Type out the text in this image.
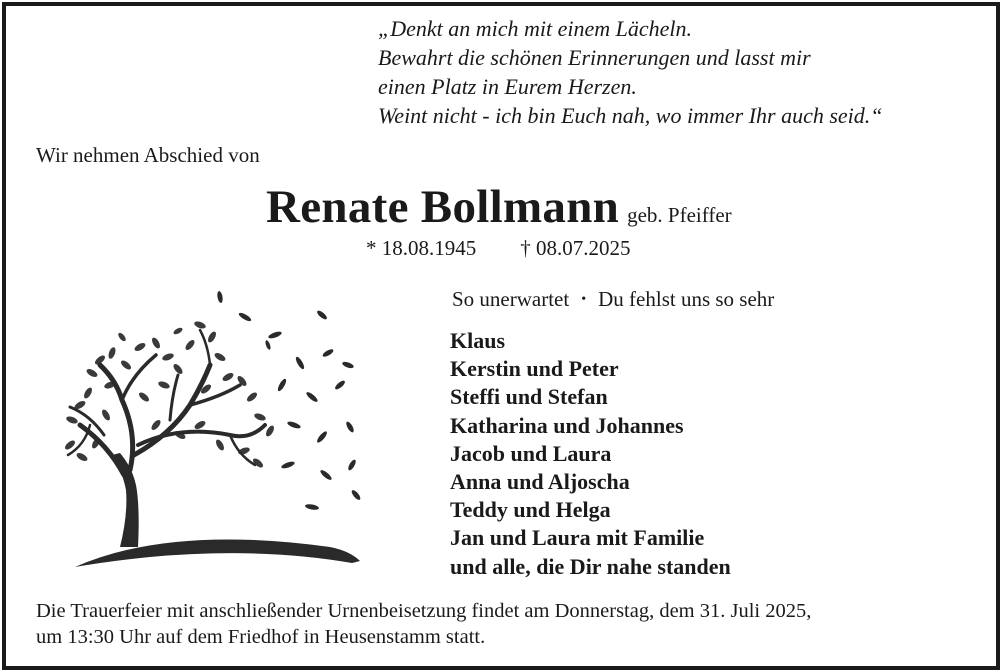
„Denkt an mich mit einem Lächeln.
Bewahrt die schönen Erinnerungen und lasst mir
einen Platz in Eurem Herzen.
Weint nicht - ich bin Euch nah, wo immer Ihr auch seid.“
Wir nehmen Abschied von
Renate Bollmann geb. Pfeiffer
* 18.08.1945 † 08.07.2025
So unerwartet • Du fehlst uns so sehr
Klaus
Kerstin und Peter
Steffi und Stefan
Katharina und Johannes
Jacob und Laura
Anna und Aljoscha
Teddy und Helga
Jan und Laura mit Familie
und alle, die Dir nahe standen
Die Trauerfeier mit anschließender Urnenbeisetzung findet am Donnerstag, dem 31. Juli 2025,
um 13:30 Uhr auf dem Friedhof in Heusenstamm statt.
